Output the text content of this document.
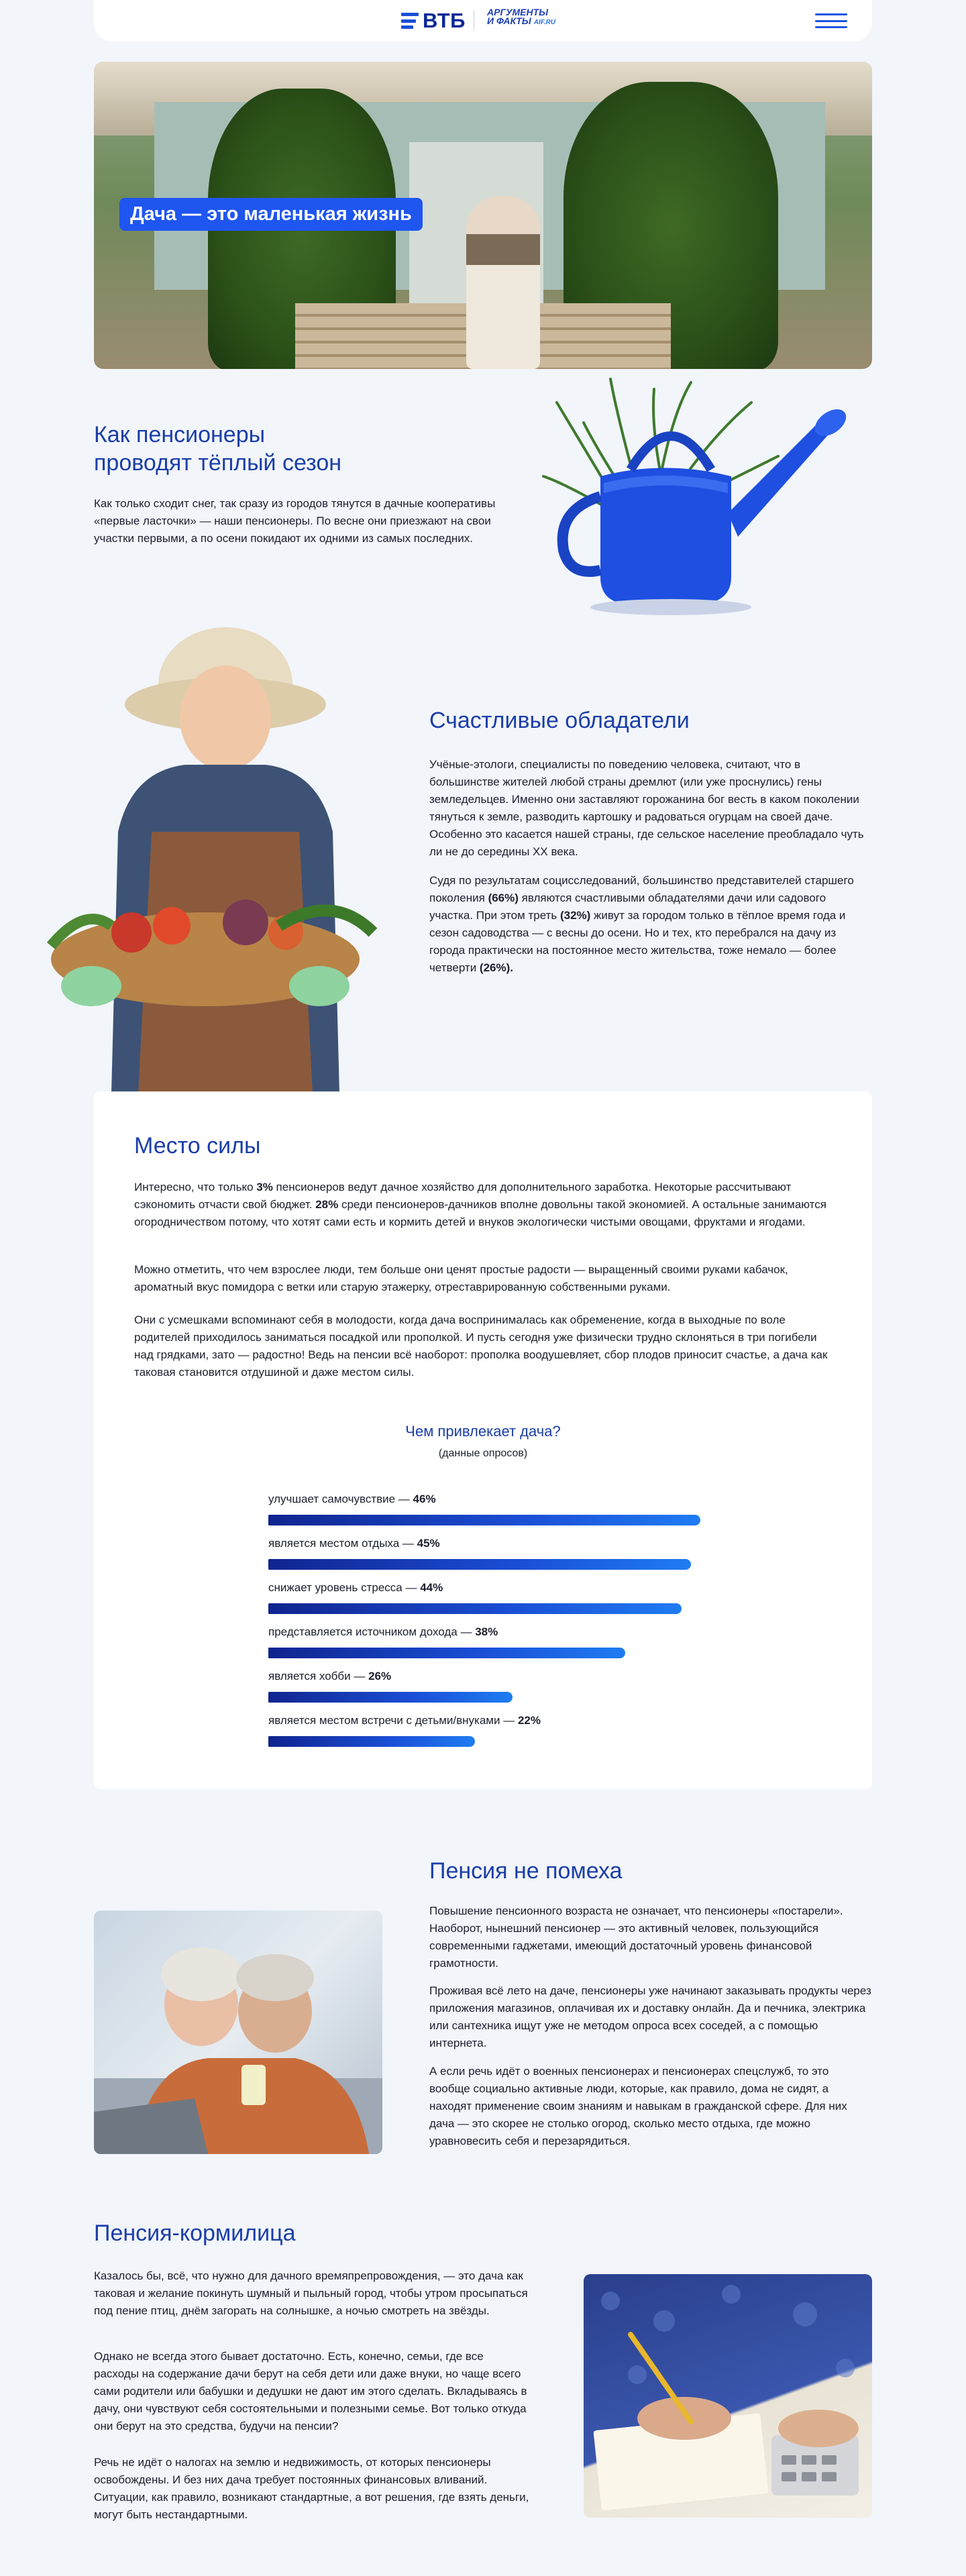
ВТБ АРГУМЕНТЫ
И ФАКТЫ AIF.RU
Дача — это маленькая жизнь
Как пенсионеры
проводят тёплый сезон
Как только сходит снег, так сразу из городов тянутся в дачные кооперативы «первые ласточки» — наши пенсионеры. По весне они приезжают на свои участки первыми, а по осени покидают их одними из самых последних.
Счастливые обладатели
Учёные-этологи, специалисты по поведению человека, считают, что в большинстве жителей любой страны дремлют (или уже проснулись) гены земледельцев. Именно они заставляют горожанина бог весть в каком поколении тянуться к земле, разводить картошку и радоваться огурцам на своей даче. Особенно это касается нашей страны, где сельское население преобладало чуть ли не до середины XX века.
Судя по результатам социсследований, большинство представителей старшего поколения (66%) являются счастливыми обладателями дачи или садового участка. При этом треть (32%) живут за городом только в тёплое время года и сезон садоводства — с весны до осени. Но и тех, кто перебрался на дачу из города практически на постоянное место жительства, тоже немало — более четверти (26%).
Место силы
Интересно, что только 3% пенсионеров ведут дачное хозяйство для дополнительного заработка. Некоторые рассчитывают сэкономить отчасти свой бюджет. 28% среди пенсионеров-дачников вполне довольны такой экономией. А остальные занимаются огородничеством потому, что хотят сами есть и кормить детей и внуков экологически чистыми овощами, фруктами и ягодами.
Можно отметить, что чем взрослее люди, тем больше они ценят простые радости — выращенный своими руками кабачок, ароматный вкус помидора с ветки или старую этажерку, отреставрированную собственными руками.
Они с усмешками вспоминают себя в молодости, когда дача воспринималась как обременение, когда в выходные по воле родителей приходилось заниматься посадкой или прополкой. И пусть сегодня уже физически трудно склоняться в три погибели над грядками, зато — радостно! Ведь на пенсии всё наоборот: прополка воодушевляет, сбор плодов приносит счастье, а дача как таковая становится отдушиной и даже местом силы.
Чем привлекает дача?
(данные опросов)
улучшает самочувствие — 46%
является местом отдыха — 45%
снижает уровень стресса — 44%
представляется источником дохода — 38%
является хобби — 26%
является местом встречи с детьми/внуками — 22%
Пенсия не помеха
Повышение пенсионного возраста не означает, что пенсионеры «постарели». Наоборот, нынешний пенсионер — это активный человек, пользующийся современными гаджетами, имеющий достаточный уровень финансовой грамотности.
Проживая всё лето на даче, пенсионеры уже начинают заказывать продукты через приложения магазинов, оплачивая их и доставку онлайн. Да и печника, электрика или сантехника ищут уже не методом опроса всех соседей, а с помощью интернета.
А если речь идёт о военных пенсионерах и пенсионерах спецслужб, то это вообще социально активные люди, которые, как правило, дома не сидят, а находят применение своим знаниям и навыкам в гражданской сфере. Для них дача — это скорее не столько огород, сколько место отдыха, где можно уравновесить себя и перезарядиться.
Пенсия-кормилица
Казалось бы, всё, что нужно для дачного времяпрепровождения, — это дача как таковая и желание покинуть шумный и пыльный город, чтобы утром просыпаться под пение птиц, днём загорать на солнышке, а ночью смотреть на звёзды.
Однако не всегда этого бывает достаточно. Есть, конечно, семьи, где все расходы на содержание дачи берут на себя дети или даже внуки, но чаще всего сами родители или бабушки и дедушки не дают им этого сделать. Вкладываясь в дачу, они чувствуют себя состоятельными и полезными семье. Вот только откуда они берут на это средства, будучи на пенсии?
Речь не идёт о налогах на землю и недвижимость, от которых пенсионеры освобождены. И без них дача требует постоянных финансовых вливаний. Ситуации, как правило, возникают стандартные, а вот решения, где взять деньги, могут быть нестандартными.
